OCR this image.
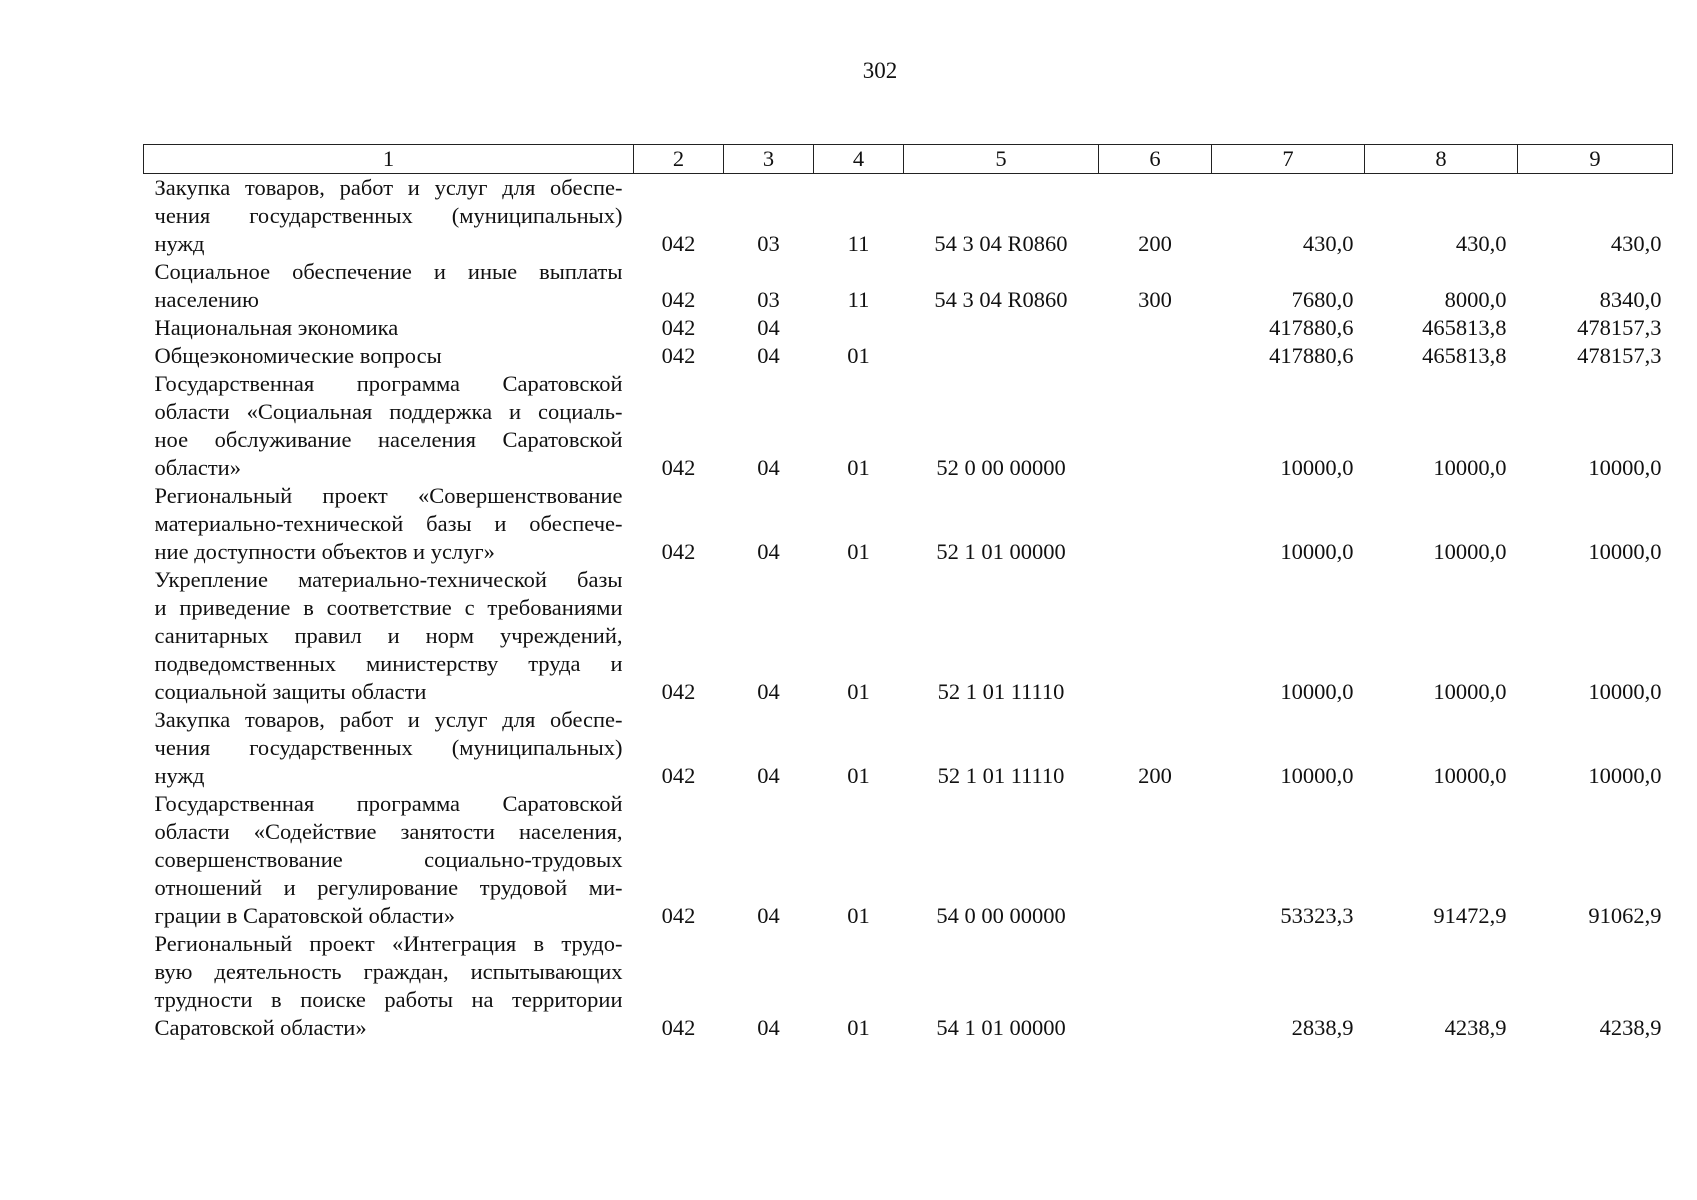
302
1	2	3	4	5	6	7	8	9

Закупка товаров, работ и услуг для обеспе-
чения государственных (муниципальных)
нужд	042	03	11	54 3 04 R0860	200	430,0	430,0	430,0

Социальное обеспечение и иные выплаты
населению	042	03	11	54 3 04 R0860	300	7680,0	8000,0	8340,0

Национальная экономика	042	04				417880,6	465813,8	478157,3

Общеэкономические вопросы	042	04	01			417880,6	465813,8	478157,3

Государственная программа Саратовской
области «Социальная поддержка и социаль-
ное обслуживание населения Саратовской
области»	042	04	01	52 0 00 00000		10000,0	10000,0	10000,0

Региональный проект «Совершенствование
материально-технической базы и обеспече-
ние доступности объектов и услуг»	042	04	01	52 1 01 00000		10000,0	10000,0	10000,0

Укрепление материально-технической базы
и приведение в соответствие с требованиями
санитарных правил и норм учреждений,
подведомственных министерству труда и
социальной защиты области	042	04	01	52 1 01 11110		10000,0	10000,0	10000,0

Закупка товаров, работ и услуг для обеспе-
чения государственных (муниципальных)
нужд	042	04	01	52 1 01 11110	200	10000,0	10000,0	10000,0

Государственная программа Саратовской
области «Содействие занятости населения,
совершенствование социально-трудовых
отношений и регулирование трудовой ми-
грации в Саратовской области»	042	04	01	54 0 00 00000		53323,3	91472,9	91062,9

Региональный проект «Интеграция в трудо-
вую деятельность граждан, испытывающих
трудности в поиске работы на территории
Саратовской области»	042	04	01	54 1 01 00000		2838,9	4238,9	4238,9
